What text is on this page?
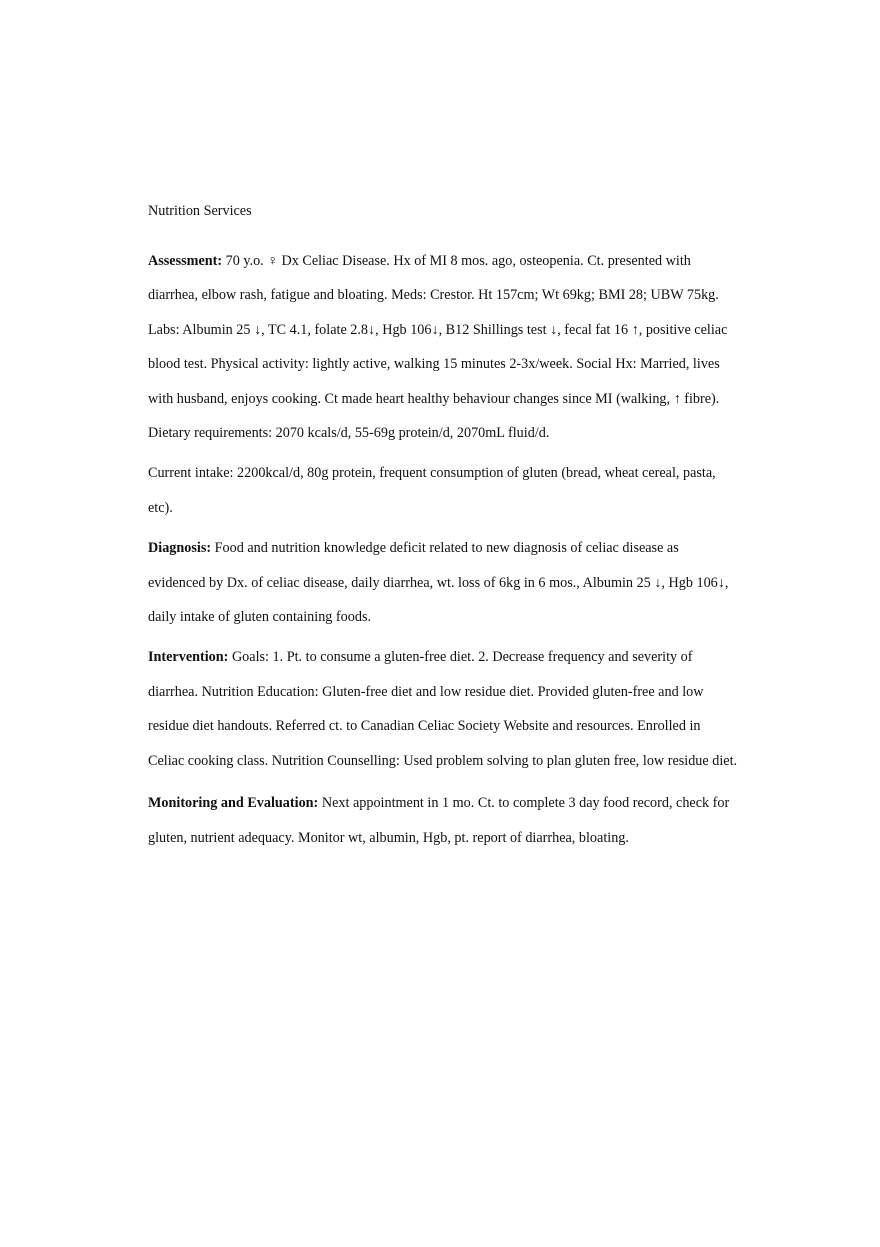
Nutrition Services

Assessment: 70 y.o. ♀ Dx Celiac Disease. Hx of MI 8 mos. ago, osteopenia. Ct. presented with diarrhea, elbow rash, fatigue and bloating. Meds: Crestor. Ht 157cm; Wt 69kg; BMI 28; UBW 75kg. Labs: Albumin 25 ↓, TC 4.1, folate 2.8↓, Hgb 106↓, B12 Shillings test ↓, fecal fat 16 ↑, positive celiac blood test. Physical activity: lightly active, walking 15 minutes 2-3x/week. Social Hx: Married, lives with husband, enjoys cooking. Ct made heart healthy behaviour changes since MI (walking, ↑ fibre). Dietary requirements: 2070 kcals/d, 55-69g protein/d, 2070mL fluid/d.

Current intake: 2200kcal/d, 80g protein, frequent consumption of gluten (bread, wheat cereal, pasta, etc).

Diagnosis: Food and nutrition knowledge deficit related to new diagnosis of celiac disease as evidenced by Dx. of celiac disease, daily diarrhea, wt. loss of 6kg in 6 mos., Albumin 25 ↓, Hgb 106↓, daily intake of gluten containing foods.

Intervention: Goals: 1. Pt. to consume a gluten-free diet. 2. Decrease frequency and severity of diarrhea. Nutrition Education: Gluten-free diet and low residue diet. Provided gluten-free and low residue diet handouts. Referred ct. to Canadian Celiac Society Website and resources. Enrolled in Celiac cooking class. Nutrition Counselling: Used problem solving to plan gluten free, low residue diet.

Monitoring and Evaluation: Next appointment in 1 mo. Ct. to complete 3 day food record, check for gluten, nutrient adequacy. Monitor wt, albumin, Hgb, pt. report of diarrhea, bloating.
